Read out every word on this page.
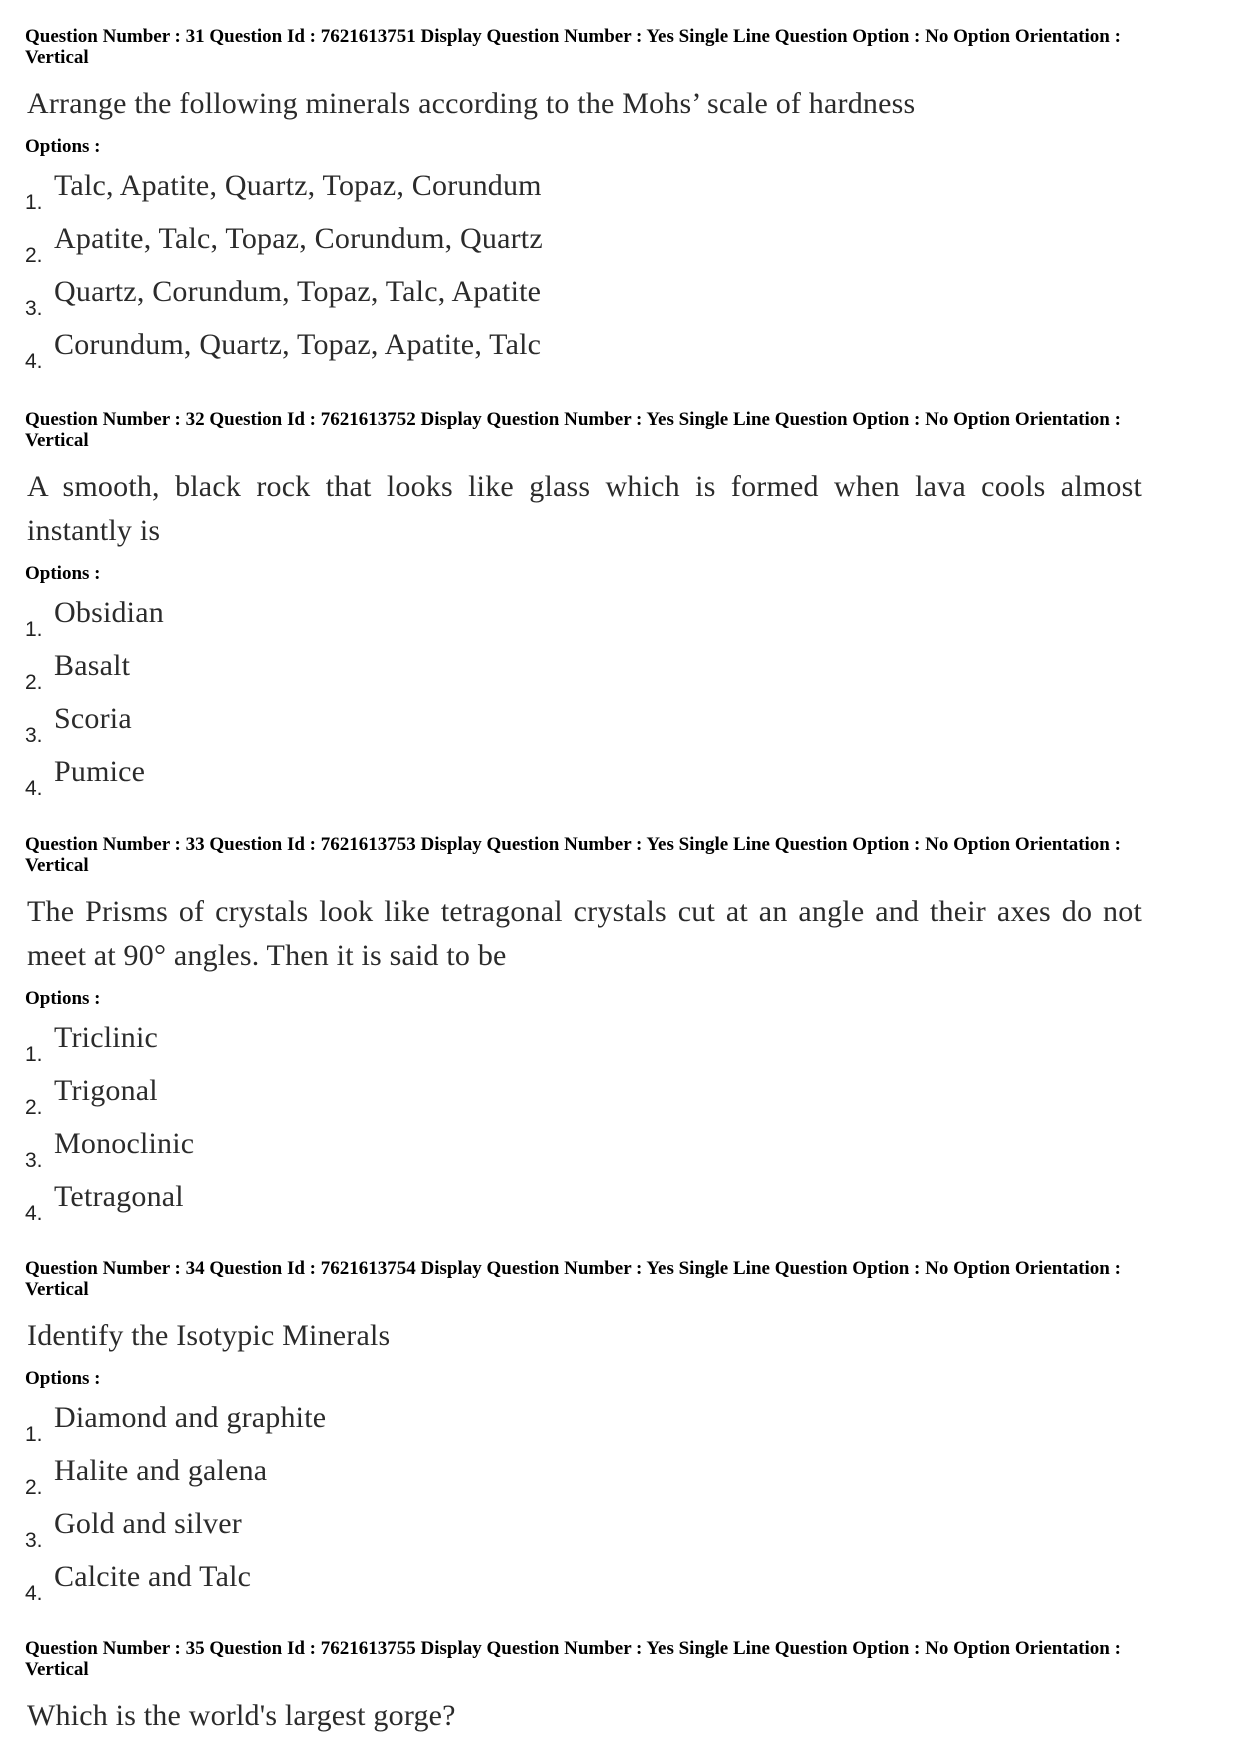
Question Number : 31 Question Id : 7621613751 Display Question Number : Yes Single Line Question Option : No Option Orientation : Vertical
Arrange the following minerals according to the Mohs’ scale of hardness
Options :
1.
Talc, Apatite, Quartz, Topaz, Corundum
2.
Apatite, Talc, Topaz, Corundum, Quartz
3.
Quartz, Corundum, Topaz, Talc, Apatite
4.
Corundum, Quartz, Topaz, Apatite, Talc
Question Number : 32 Question Id : 7621613752 Display Question Number : Yes Single Line Question Option : No Option Orientation : Vertical
A smooth, black rock that looks like glass which is formed when lava cools almost instantly is
Options :
1.
Obsidian
2.
Basalt
3.
Scoria
4.
Pumice
Question Number : 33 Question Id : 7621613753 Display Question Number : Yes Single Line Question Option : No Option Orientation : Vertical
The Prisms of crystals look like tetragonal crystals cut at an angle and their axes do not meet at 90° angles. Then it is said to be
Options :
1.
Triclinic
2.
Trigonal
3.
Monoclinic
4.
Tetragonal
Question Number : 34 Question Id : 7621613754 Display Question Number : Yes Single Line Question Option : No Option Orientation : Vertical
Identify the Isotypic Minerals
Options :
1.
Diamond and graphite
2.
Halite and galena
3.
Gold and silver
4.
Calcite and Talc
Question Number : 35 Question Id : 7621613755 Display Question Number : Yes Single Line Question Option : No Option Orientation : Vertical
Which is the world's largest gorge?
